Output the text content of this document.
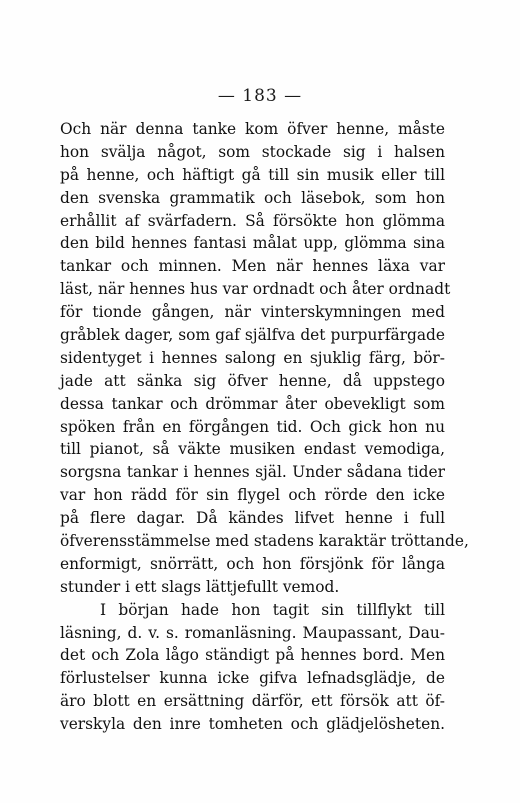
— 183 —
Och när denna tanke kom öfver henne, måste
hon svälja något, som stockade sig i halsen
på henne, och häftigt gå till sin musik eller till
den svenska grammatik och läsebok, som hon
erhållit af svärfadern. Så försökte hon glömma
den bild hennes fantasi målat upp, glömma sina
tankar och minnen. Men när hennes läxa var
läst, när hennes hus var ordnadt och åter ordnadt
för tionde gången, när vinterskymningen med
gråblek dager, som gaf själfva det purpurfärgade
sidentyget i hennes salong en sjuklig färg, bör-
jade att sänka sig öfver henne, då uppstego
dessa tankar och drömmar åter obevekligt som
spöken från en förgången tid. Och gick hon nu
till pianot, så väkte musiken endast vemodiga,
sorgsna tankar i hennes själ. Under sådana tider
var hon rädd för sin flygel och rörde den icke
på flere dagar. Då kändes lifvet henne i full
öfverensstämmelse med stadens karaktär tröttande,
enformigt, snörrätt, och hon försjönk för långa
stunder i ett slags lättjefullt vemod.
I början hade hon tagit sin tillflykt till
läsning, d. v. s. romanläsning. Maupassant, Dau-
det och Zola lågo ständigt på hennes bord. Men
förlustelser kunna icke gifva lefnadsglädje, de
äro blott en ersättning därför, ett försök att öf-
verskyla den inre tomheten och glädjelösheten.
